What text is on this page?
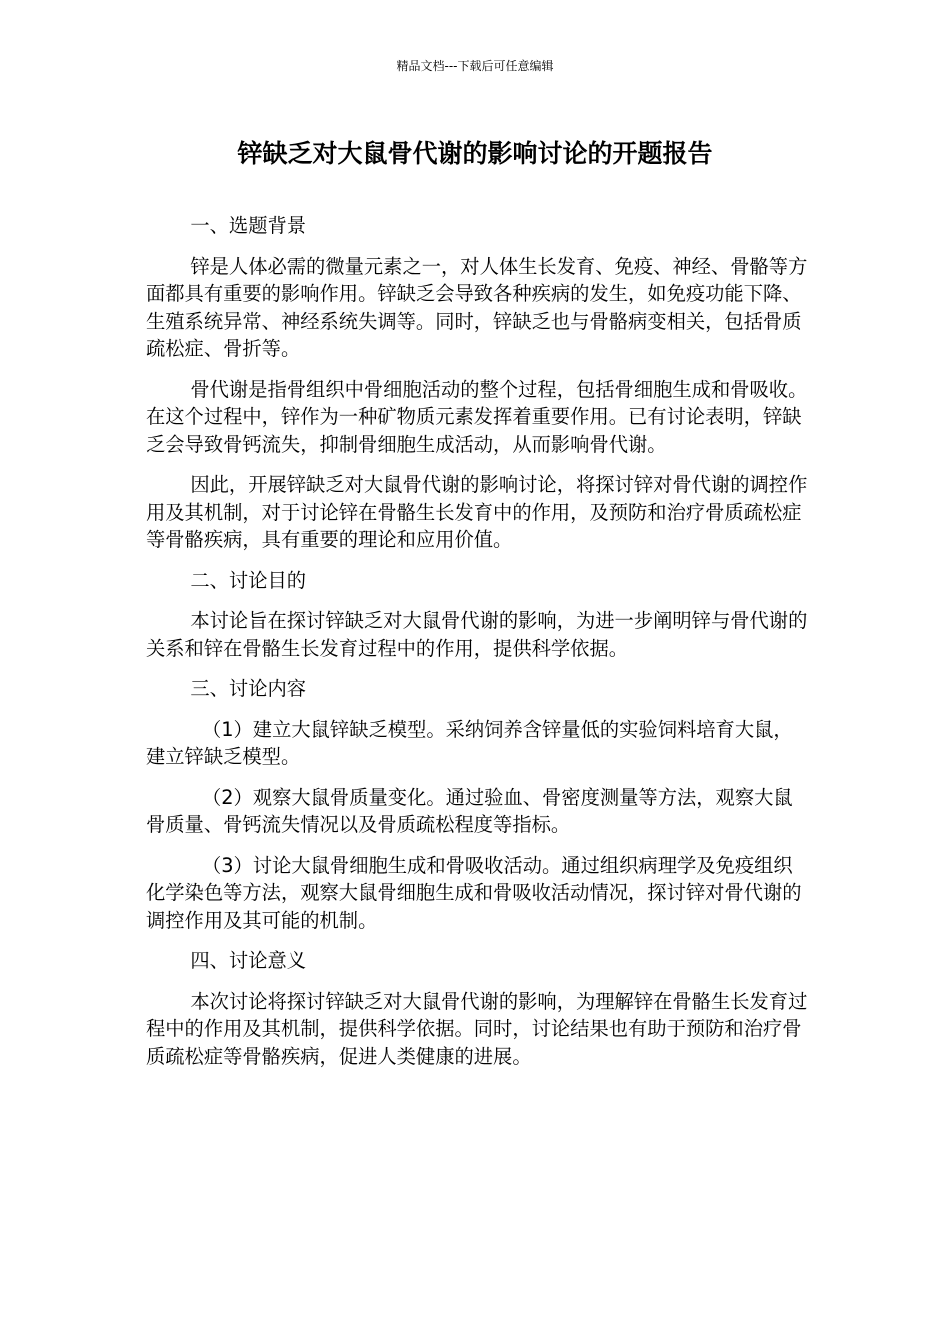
精品文档---下载后可任意编辑
锌缺乏对大鼠骨代谢的影响讨论的开题报告

一、选题背景

锌是人体必需的微量元素之一，对人体生长发育、免疫、神经、骨骼等方面都具有重要的影响作用。锌缺乏会导致各种疾病的发生，如免疫功能下降、生殖系统异常、神经系统失调等。同时，锌缺乏也与骨骼病变相关，包括骨质疏松症、骨折等。

骨代谢是指骨组织中骨细胞活动的整个过程，包括骨细胞生成和骨吸收。在这个过程中，锌作为一种矿物质元素发挥着重要作用。已有讨论表明，锌缺乏会导致骨钙流失，抑制骨细胞生成活动，从而影响骨代谢。

因此，开展锌缺乏对大鼠骨代谢的影响讨论，将探讨锌对骨代谢的调控作用及其机制，对于讨论锌在骨骼生长发育中的作用，及预防和治疗骨质疏松症等骨骼疾病，具有重要的理论和应用价值。

二、讨论目的

本讨论旨在探讨锌缺乏对大鼠骨代谢的影响，为进一步阐明锌与骨代谢的关系和锌在骨骼生长发育过程中的作用，提供科学依据。

三、讨论内容

（1）建立大鼠锌缺乏模型。采纳饲养含锌量低的实验饲料培育大鼠，建立锌缺乏模型。

（2）观察大鼠骨质量变化。通过验血、骨密度测量等方法，观察大鼠骨质量、骨钙流失情况以及骨质疏松程度等指标。

（3）讨论大鼠骨细胞生成和骨吸收活动。通过组织病理学及免疫组织化学染色等方法，观察大鼠骨细胞生成和骨吸收活动情况，探讨锌对骨代谢的调控作用及其可能的机制。

四、讨论意义

本次讨论将探讨锌缺乏对大鼠骨代谢的影响，为理解锌在骨骼生长发育过程中的作用及其机制，提供科学依据。同时，讨论结果也有助于预防和治疗骨质疏松症等骨骼疾病，促进人类健康的进展。
